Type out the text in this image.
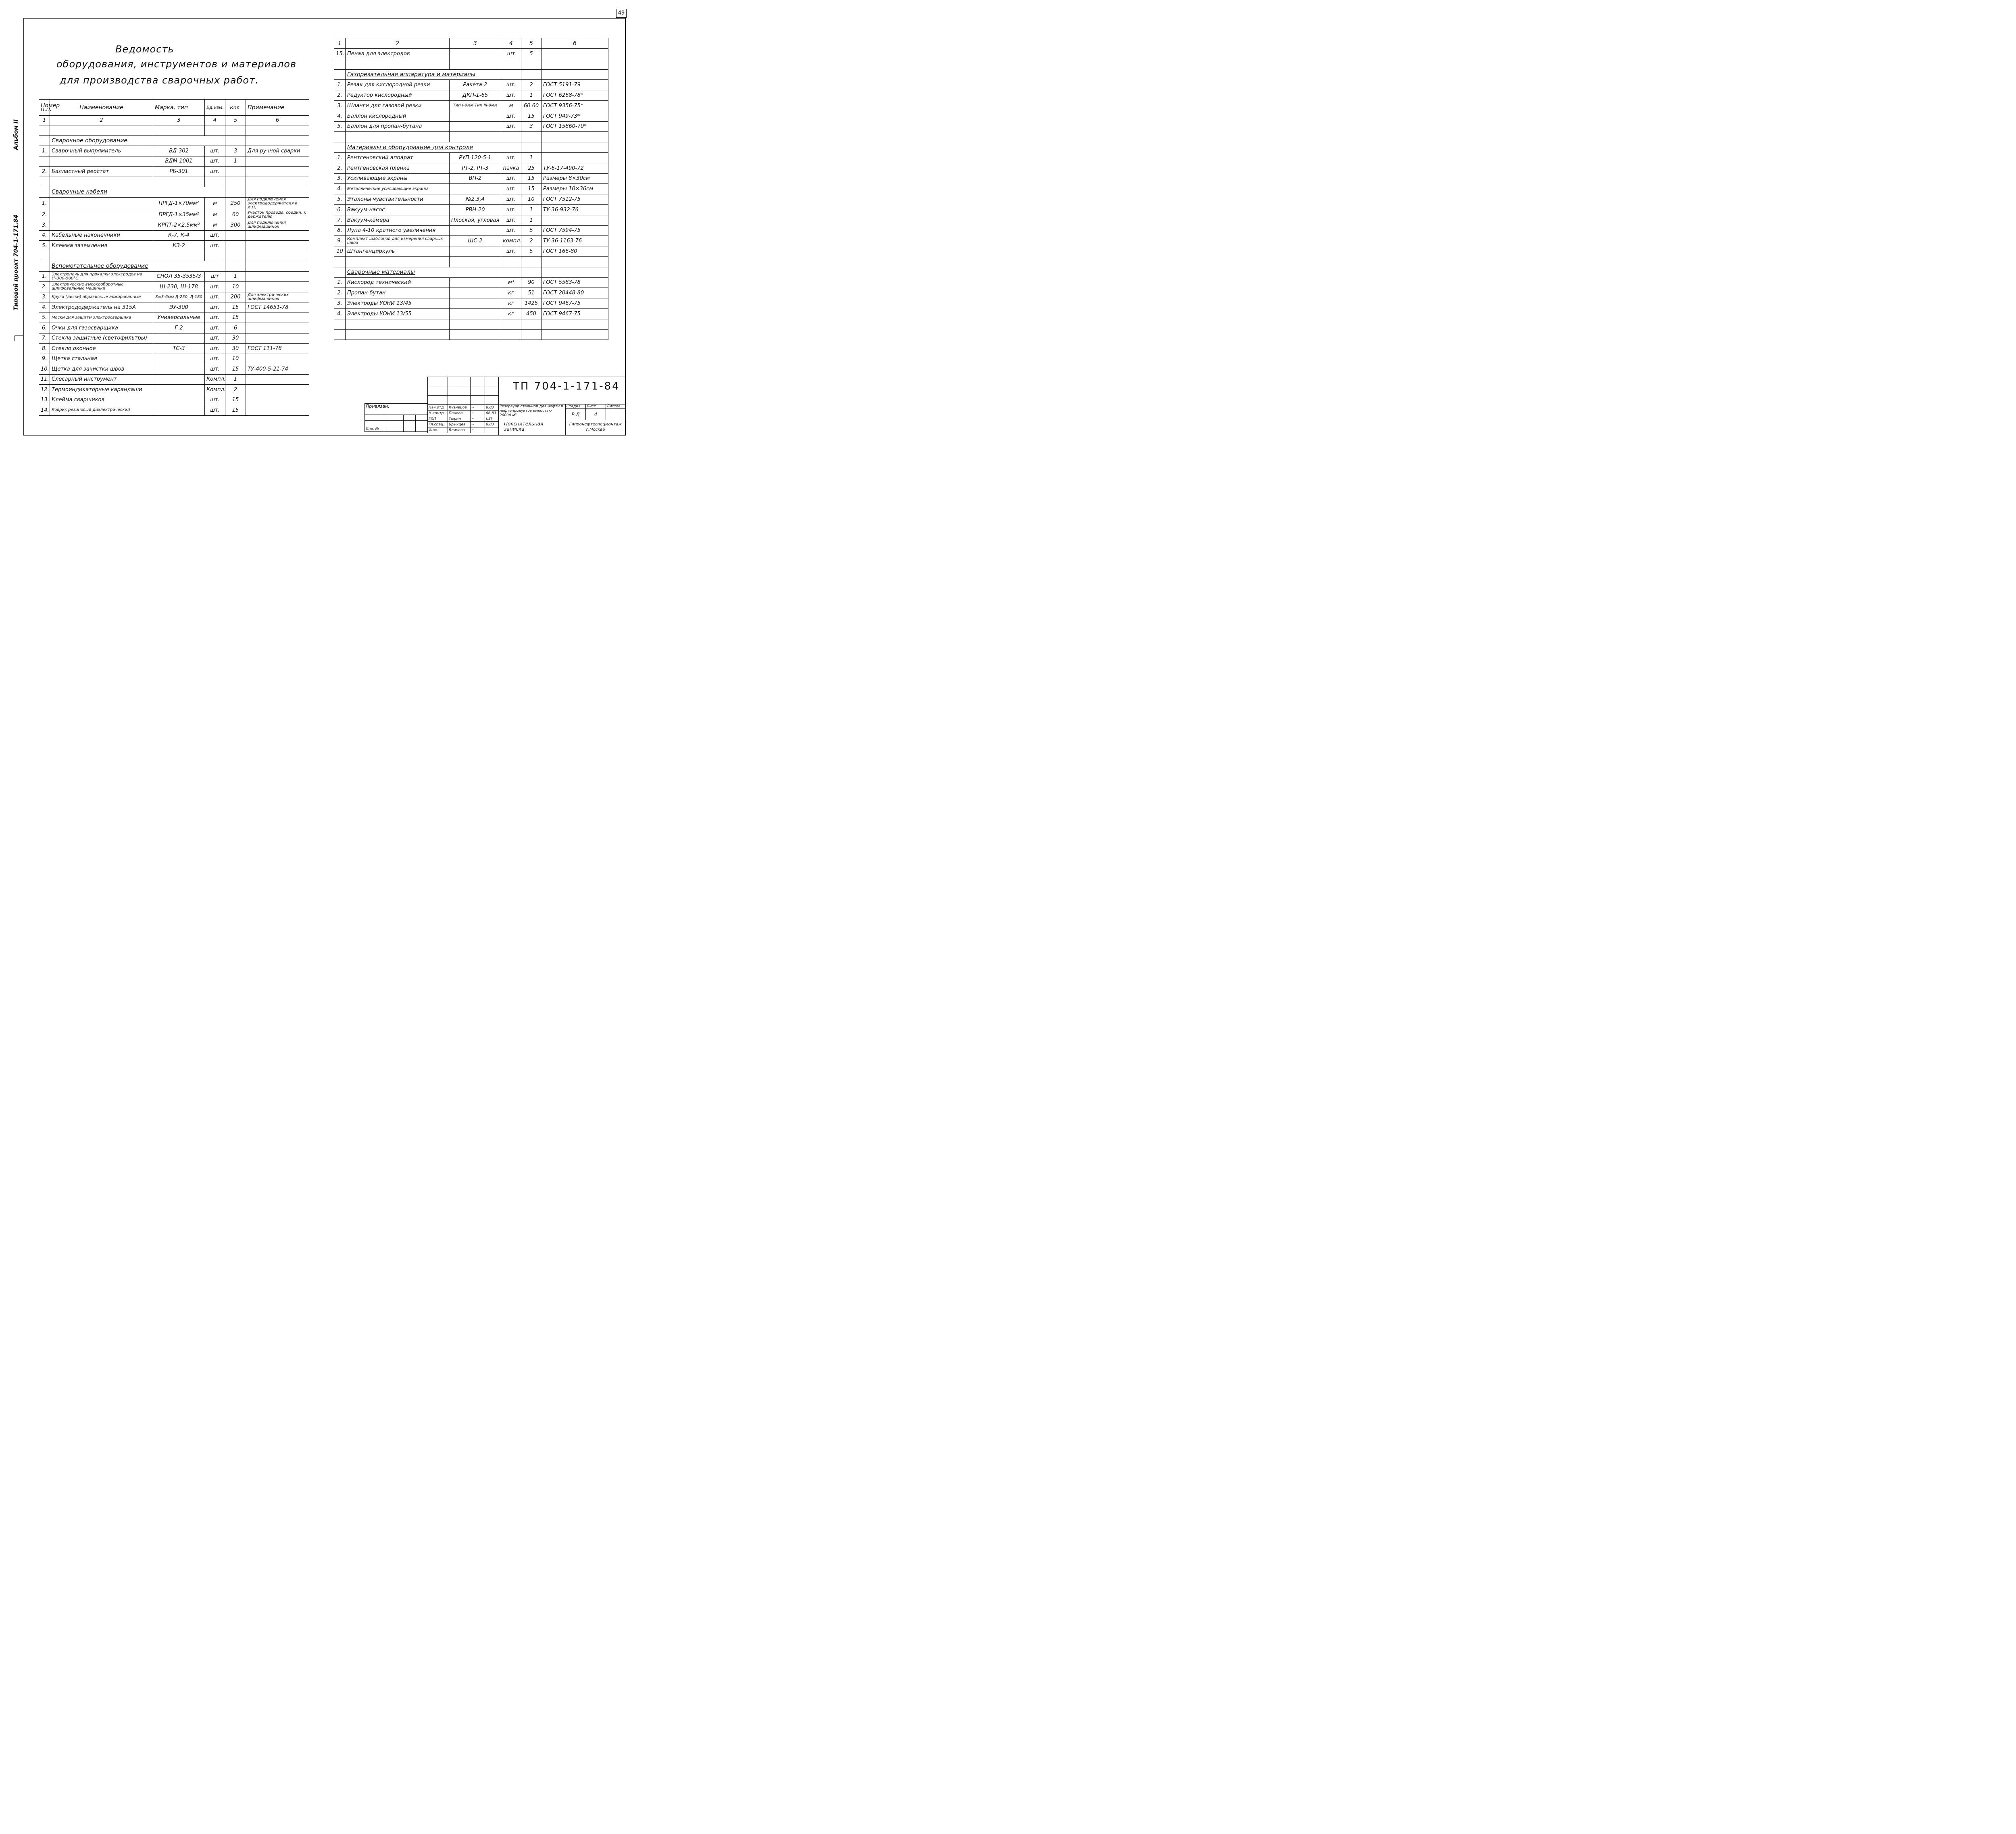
49
Альбом II
Типовой проект 704-1-171.84
Ведомость
оборудования, инструментов и материалов
для производства сварочных работ.
Номер п.п.	Наименование	Марка, тип	Ед.изм.	Кол.	Примечание
1	2	3	4	5	6

	Сварочное оборудование				
1.	Сварочный выпрямитель	ВД-302	шт.	3	Для ручной сварки
		ВДМ-1001	шт.	1	
2.	Балластный реостат	РБ-301	шт.		

	Сварочные кабели				
1.		ПРГД-1×70мм²	м	250	Для подключения электрододержателя к И.П.
2.		ПРГД-1×35мм²	м	60	Участок провода, соедин. к держателю
3.		КРПТ-2×2,5мм²	м	300	Для подключения шлифмашинок
4.	Кабельные наконечники	К-7, К-4	шт.		
5.	Клемма заземления	КЗ-2	шт.		

	Вспомогательное оборудование				
1.	Электропечь для прокалки электродов на t°-300-500°С	СНОЛ 35-3535/3	шт	1	
2.	Электрические высокооборотные шлифовальные машинки	Ш-230, Ш-178	шт.	10	
3.	Круги (диски) абразивные армированные	S=3-6мм Д-230, Д-180	шт.	200	Для электрических шлифмашинок
4.	Электрододержатель на 315А	ЭУ-300	шт.	15	ГОСТ 14651-78
5.	Маски для защиты электросварщика	Универсальные	шт.	15	
6.	Очки для газосварщика	Г-2	шт.	6	
7.	Стекла защитные (светофильтры)		шт.	30	
8.	Стекло оконное	ТС-3	шт.	30	ГОСТ 111-78
9.	Щетка стальная		шт.	10	
10.	Щетка для зачистки швов		шт.	15	ТУ-400-5-21-74
11.	Слесарный инструмент		Компл.	1	
12.	Термоиндикаторные карандаши		Компл.	2	
13.	Клейма сварщиков		шт.	15	
14.	Коврик резиновый диэлектрический		шт.	15	
1	2	3	4	5	6
15.	Пенал для электродов		шт	5	

	Газорезательная аппаратура и материалы				
1.	Резак для кислородной резки	Ракета-2	шт.	2	ГОСТ 5191-79
2.	Редуктор кислородный	ДКП-1-65	шт.	1	ГОСТ 6268-78*
3.	Шланги для газовой резки	Тип I-9мм Тип III-9мм	м	60 60	ГОСТ 9356-75*
4.	Баллон кислородный		шт.	15	ГОСТ 949-73*
5.	Баллон для пропан-бутана		шт.	3	ГОСТ 15860-70*

	Материалы и оборудование для контроля				
1.	Рентгеновский аппарат	РУП 120-5-1	шт.	1	
2.	Рентгеновская пленка	РТ-2, РТ-3	пачка	25	ТУ-6-17-490-72
3.	Усиливающие экраны	ВП-2	шт.	15	Размеры 8×30см
4.	Металлические усиливающие экраны		шт.	15	Размеры 10×36см
5.	Эталоны чувствительности	№2,3,4	шт.	10	ГОСТ 7512-75
6.	Вакуум-насос	РВН-20	шт.	1	ТУ-36-932-76
7.	Вакуум-камера	Плоская, угловая	шт.	1	
8.	Лупа 4-10 кратного увеличения		шт.	5	ГОСТ 7594-75
9.	Комплект шаблонов для измерения сварных швов	ШС-2	компл.	2	ТУ-36-1163-76
10	Штангенциркуль		шт.	5	ГОСТ 166-80

	Сварочные материалы				
1.	Кислород технический		м³	90	ГОСТ 5583-78
2.	Пропан-бутан		кг	51	ГОСТ 20448-80
3.	Электроды УОНИ 13/45		кг	1425	ГОСТ 9467-75
4.	Электроды УОНИ 13/55		кг	450	ГОСТ 9467-75

Нач.отд.	Кузнецов	~	6.83
Н.контр.	Панова	~	06.83
ГИП	Тюрин	~	(.3)
Гл.спец.	Брыкцев	~	6.83
Инж.	Блинова	~	
ТП 704-1-171-84
Резервуар стальной для нефти и нефтепродуктов емкостью 20000 м³
Пояснительная записка
Стадия	Лист	Листов
Р.Д	4	
Гипронефтеспецмонтаж г.Москва
Привязан:			

Инв. №			
